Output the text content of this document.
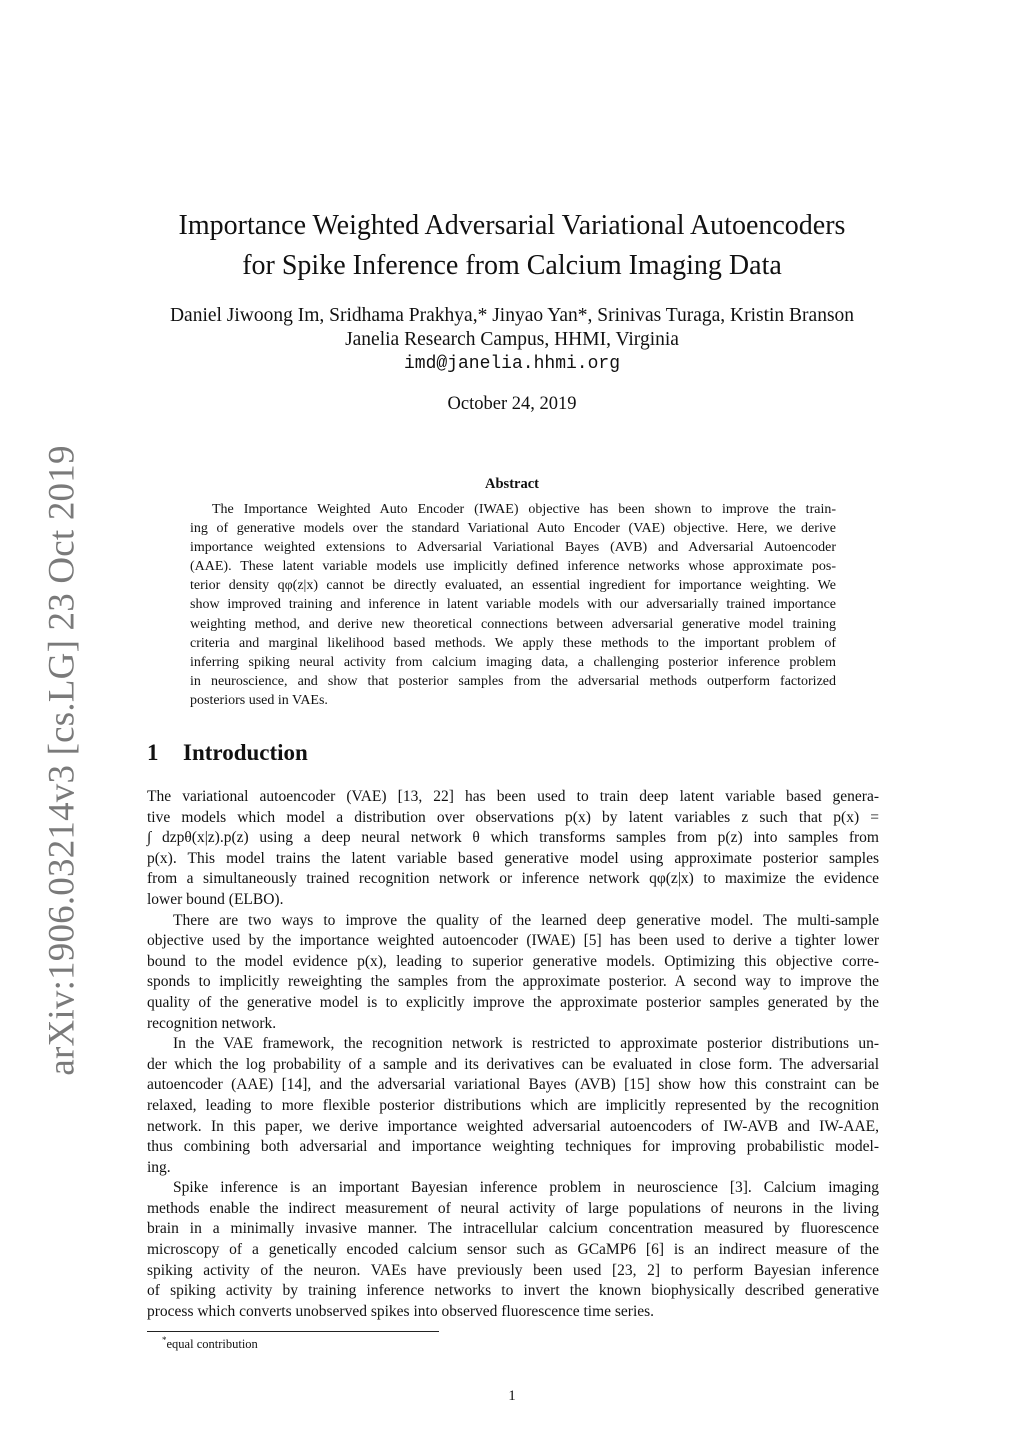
arXiv:1906.03214v3 [cs.LG] 23 Oct 2019
Importance Weighted Adversarial Variational Autoencoders
for Spike Inference from Calcium Imaging Data
Daniel Jiwoong Im, Sridhama Prakhya,* Jinyao Yan*, Srinivas Turaga, Kristin Branson
Janelia Research Campus, HHMI, Virginia
imd@janelia.hhmi.org
October 24, 2019
Abstract
The Importance Weighted Auto Encoder (IWAE) objective has been shown to improve the train-
ing of generative models over the standard Variational Auto Encoder (VAE) objective. Here, we derive
importance weighted extensions to Adversarial Variational Bayes (AVB) and Adversarial Autoencoder
(AAE). These latent variable models use implicitly defined inference networks whose approximate pos-
terior density qφ(z|x) cannot be directly evaluated, an essential ingredient for importance weighting. We
show improved training and inference in latent variable models with our adversarially trained importance
weighting method, and derive new theoretical connections between adversarial generative model training
criteria and marginal likelihood based methods. We apply these methods to the important problem of
inferring spiking neural activity from calcium imaging data, a challenging posterior inference problem
in neuroscience, and show that posterior samples from the adversarial methods outperform factorized
posteriors used in VAEs.
1 Introduction
The variational autoencoder (VAE) [13, 22] has been used to train deep latent variable based genera-
tive models which model a distribution over observations p(x) by latent variables z such that p(x) =
∫ dzpθ(x|z).p(z) using a deep neural network θ which transforms samples from p(z) into samples from
p(x). This model trains the latent variable based generative model using approximate posterior samples
from a simultaneously trained recognition network or inference network qφ(z|x) to maximize the evidence
lower bound (ELBO).
There are two ways to improve the quality of the learned deep generative model. The multi-sample
objective used by the importance weighted autoencoder (IWAE) [5] has been used to derive a tighter lower
bound to the model evidence p(x), leading to superior generative models. Optimizing this objective corre-
sponds to implicitly reweighting the samples from the approximate posterior. A second way to improve the
quality of the generative model is to explicitly improve the approximate posterior samples generated by the
recognition network.
In the VAE framework, the recognition network is restricted to approximate posterior distributions un-
der which the log probability of a sample and its derivatives can be evaluated in close form. The adversarial
autoencoder (AAE) [14], and the adversarial variational Bayes (AVB) [15] show how this constraint can be
relaxed, leading to more flexible posterior distributions which are implicitly represented by the recognition
network. In this paper, we derive importance weighted adversarial autoencoders of IW-AVB and IW-AAE,
thus combining both adversarial and importance weighting techniques for improving probabilistic model-
ing.
Spike inference is an important Bayesian inference problem in neuroscience [3]. Calcium imaging
methods enable the indirect measurement of neural activity of large populations of neurons in the living
brain in a minimally invasive manner. The intracellular calcium concentration measured by fluorescence
microscopy of a genetically encoded calcium sensor such as GCaMP6 [6] is an indirect measure of the
spiking activity of the neuron. VAEs have previously been used [23, 2] to perform Bayesian inference
of spiking activity by training inference networks to invert the known biophysically described generative
process which converts unobserved spikes into observed fluorescence time series.
*equal contribution
1
